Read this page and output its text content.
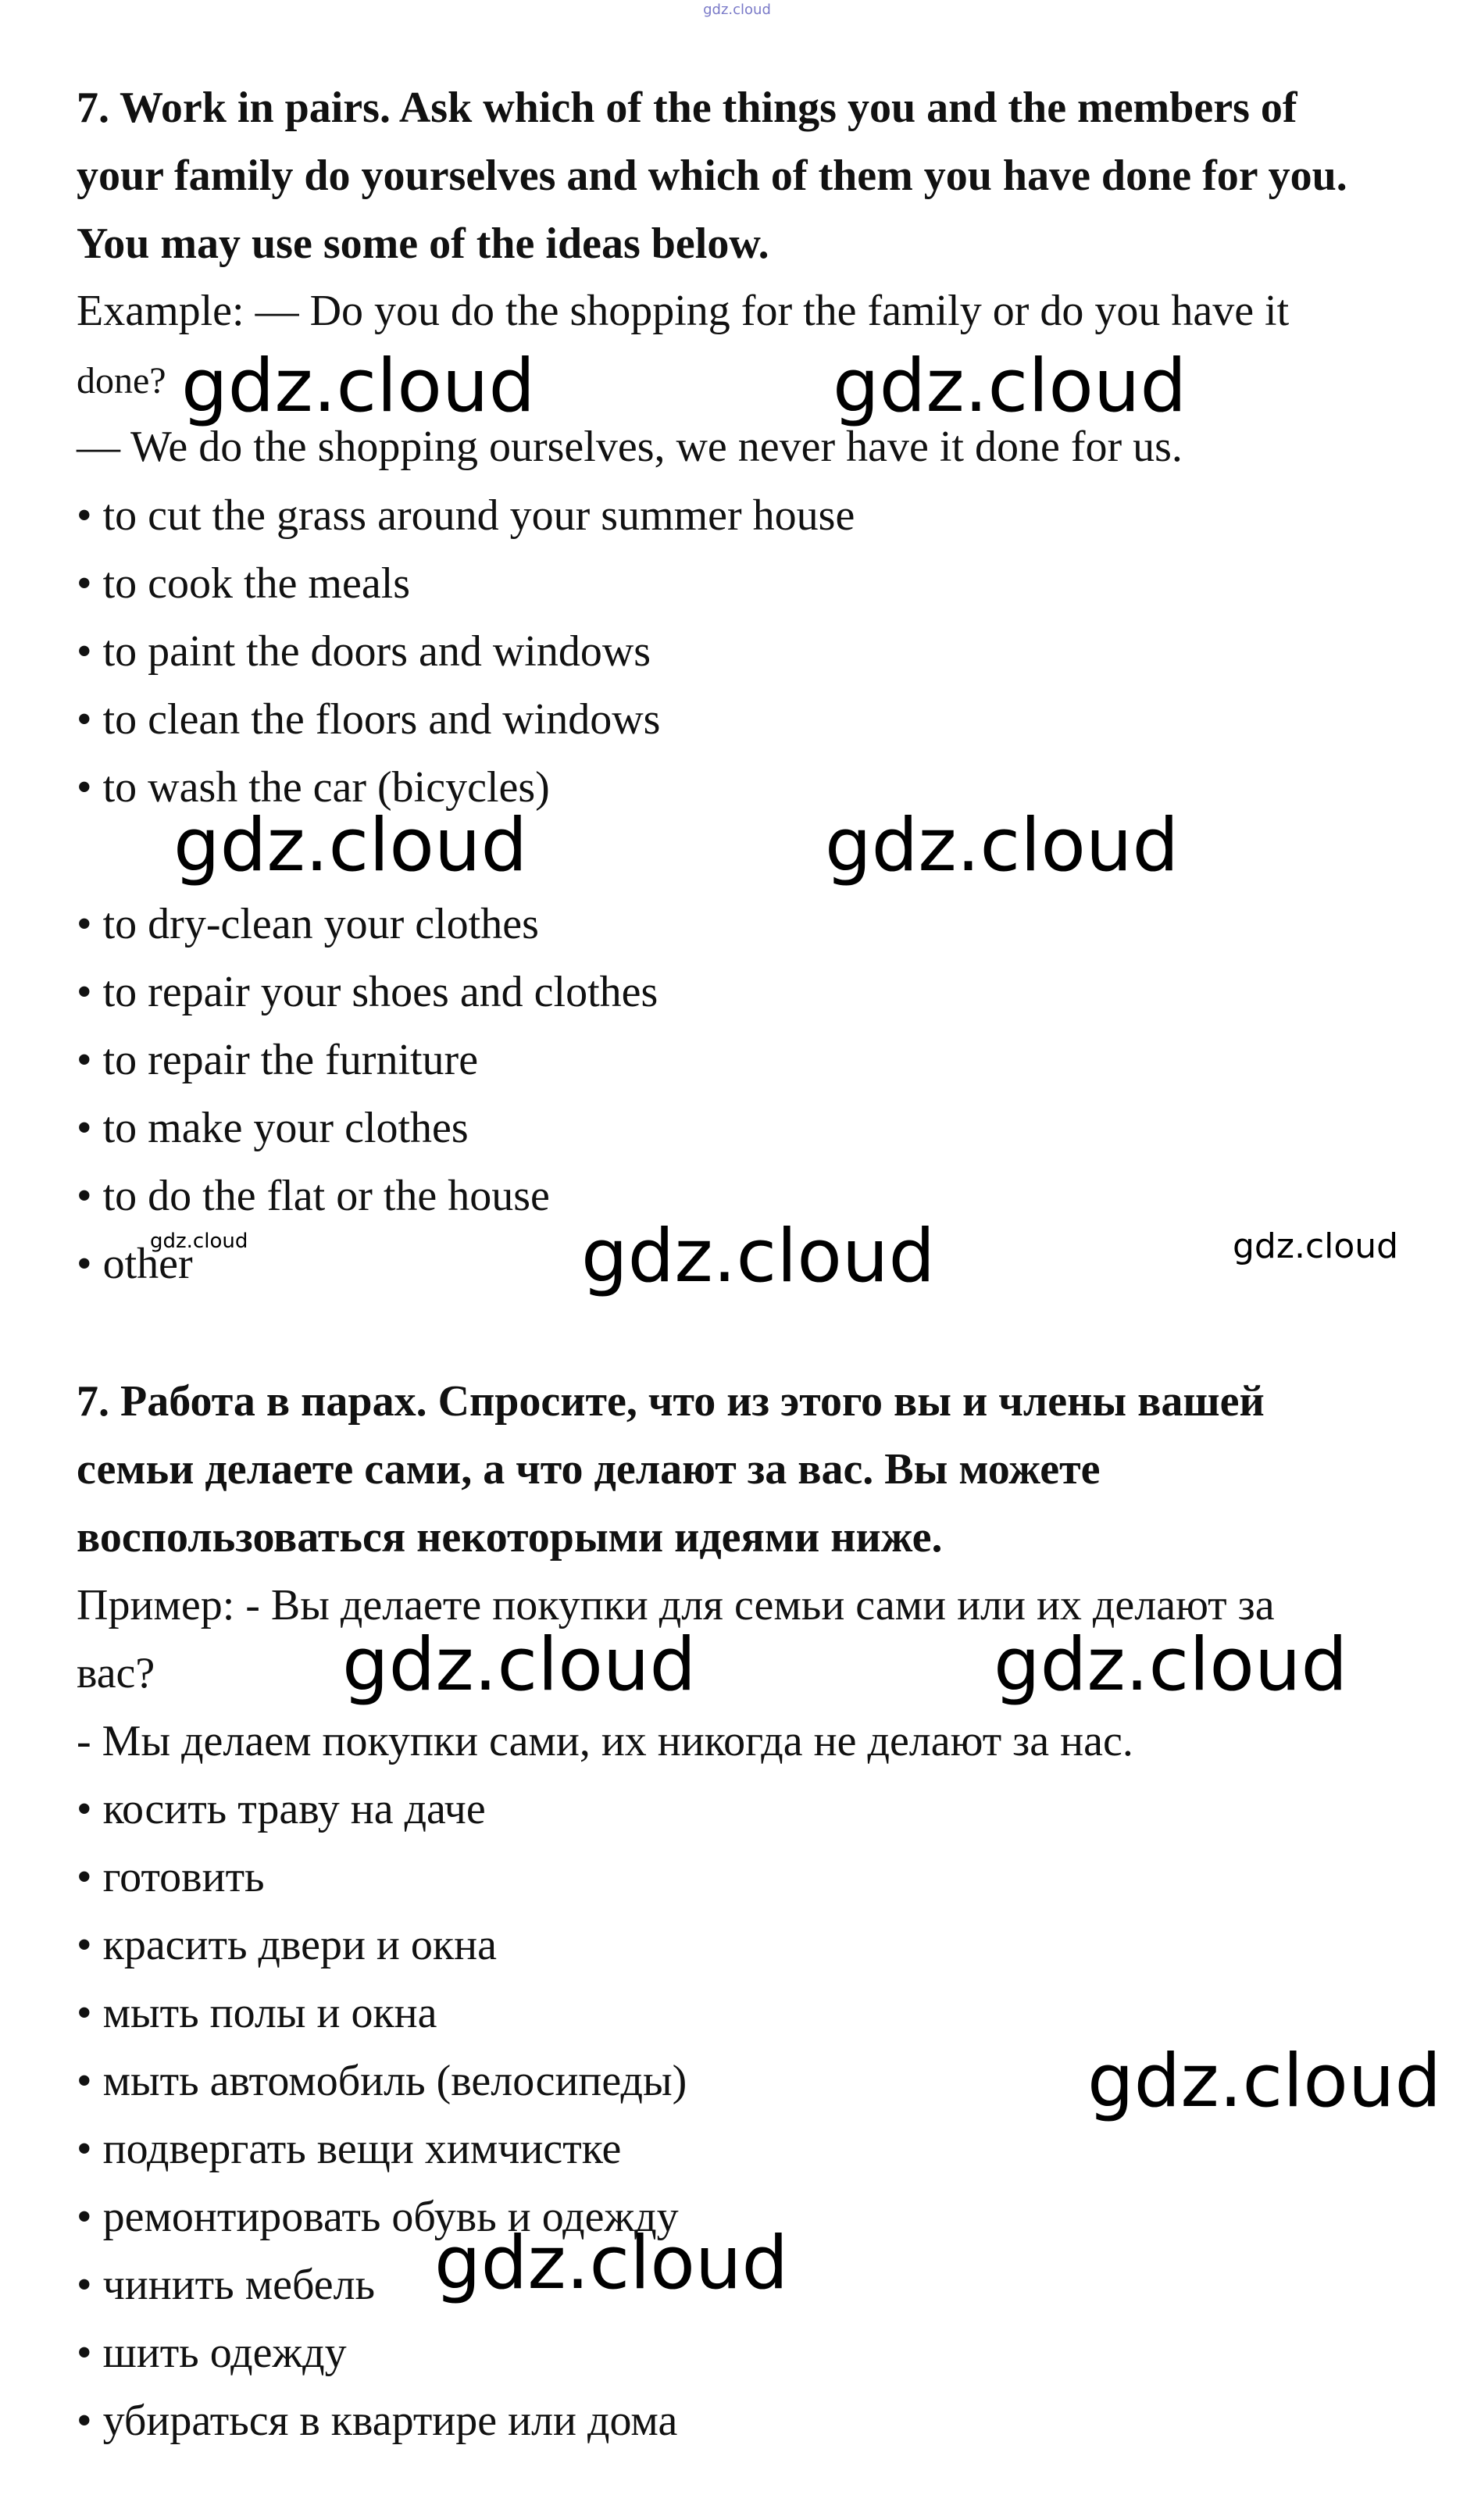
gdz.cloud
7. Work in pairs. Ask which of the things you and the members of
your family do yourselves and which of them you have done for you.
You may use some of the ideas below.
Example: — Do you do the shopping for the family or do you have it
done?
— We do the shopping ourselves, we never have it done for us.
• to cut the grass around your summer house
• to cook the meals
• to paint the doors and windows
• to clean the floors and windows
• to wash the car (bicycles)
• to dry-clean your clothes
• to repair your shoes and clothes
• to repair the furniture
• to make your clothes
• to do the flat or the house
• other
7. Работа в парах. Спросите, что из этого вы и члены вашей
семьи делаете сами, а что делают за вас. Вы можете
воспользоваться некоторыми идеями ниже.
Пример: - Вы делаете покупки для семьи сами или их делают за
вас?
- Мы делаем покупки сами, их никогда не делают за нас.
• косить траву на даче
• готовить
• красить двери и окна
• мыть полы и окна
• мыть автомобиль (велосипеды)
• подвергать вещи химчистке
• ремонтировать обувь и одежду
• чинить мебель
• шить одежду
• убираться в квартире или дома
gdz.cloud	gdz.cloud
gdz.cloud	gdz.cloud
gdz.cloud	gdz.cloud	gdz.cloud
gdz.cloud	gdz.cloud
gdz.cloud
gdz.cloud
